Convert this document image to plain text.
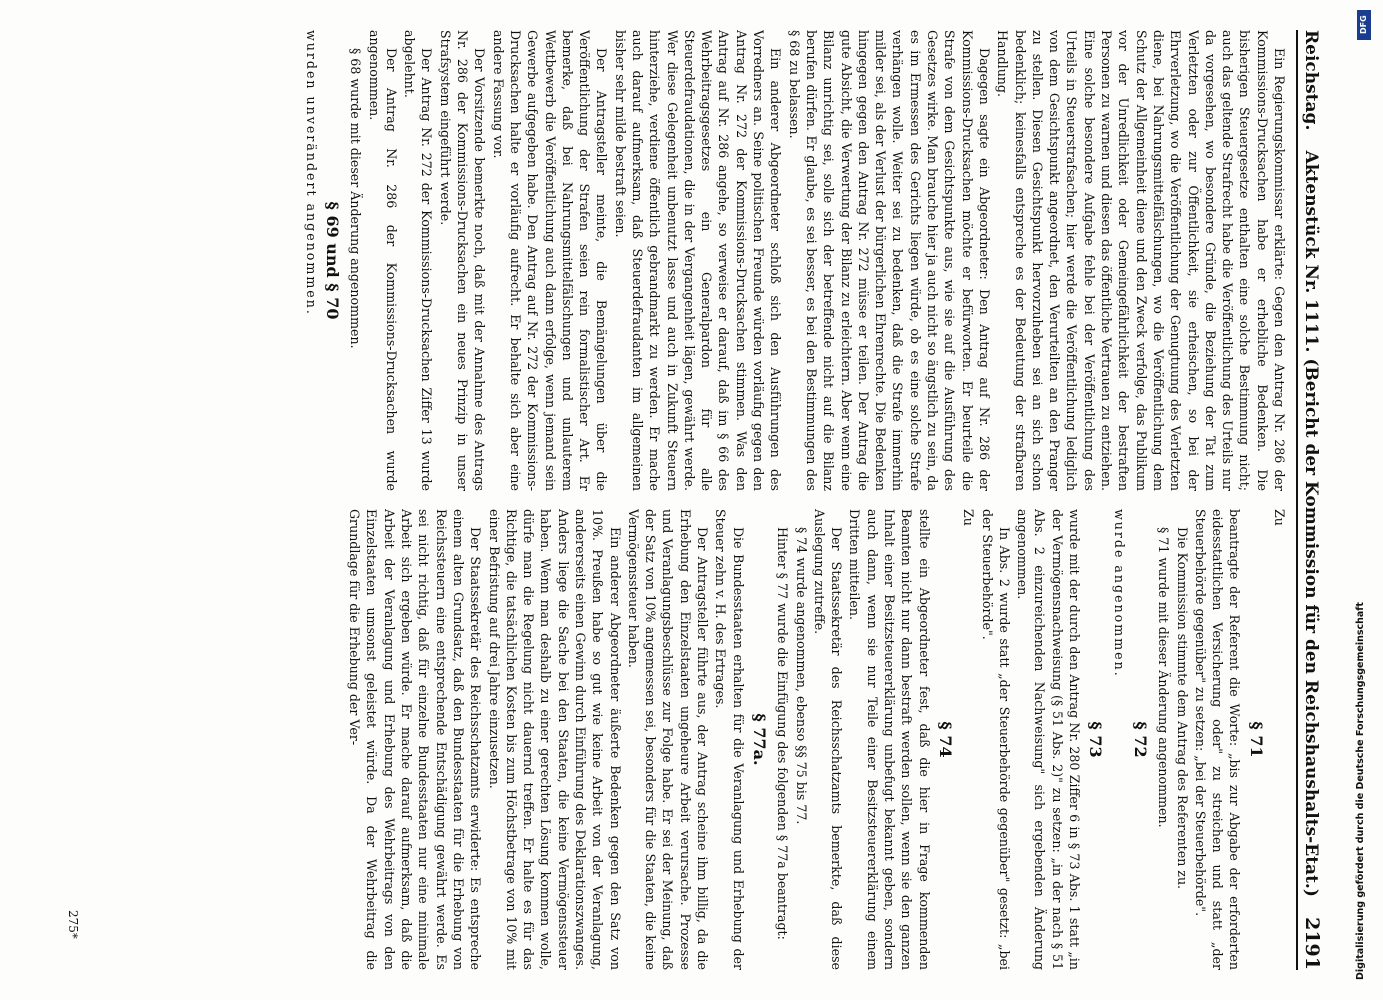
Reichstag.
Aktenstück Nr. 1111. (Bericht der Kommission für den Reichshaushalts-Etat.)
2191

Ein Regierungskommissar erklärte: Gegen den Antrag Nr. 286 der Kommissions-Drucksachen habe er erhebliche Bedenken. Die bisherigen Steuergesetze enthalten eine solche Bestimmung nicht; auch das geltende Strafrecht habe die Veröffentlichung des Urteils nur da vorgesehen, wo besondere Gründe, die Beziehung der Tat zum Verletzten oder zur Öffentlichkeit, sie erheischen, so bei der Ehrverletzung, wo die Veröffentlichung der Genugtuung des Verletzten diene, bei Nahrungsmittelfälschungen, wo die Veröffentlichung dem Schutz der Allgemeinheit diene und den Zweck verfolge, das Publikum vor der Unredlichkeit oder Gemeingefährlichkeit der bestraften Personen zu warnen und diesen das öffentliche Vertrauen zu entziehen. Eine solche besondere Aufgabe fehle bei der Veröffentlichung des Urteils in Steuerstrafsachen; hier werde die Veröffentlichung lediglich von dem Gesichtspunkt angeordnet, den Verurteilten an den Pranger zu stellen. Diesen Gesichtspunkt hervorzuheben sei an sich schon bedenklich; keinesfalls entspreche es der Bedeutung der strafbaren Handlung.

Dagegen sagte ein Abgeordneter: Den Antrag auf Nr. 286 der Kommissions-Drucksachen möchte er befürworten. Er beurteile die Strafe von dem Gesichtspunkte aus, wie sie auf die Ausführung des Gesetzes wirke. Man brauche hier ja auch nicht so ängstlich zu sein, da es im Ermessen des Gerichts liegen würde, ob es eine solche Strafe verhängen wolle. Weiter sei zu bedenken, daß die Strafe immerhin milder sei, als der Verlust der bürgerlichen Ehrenrechte. Die Bedenken hingegen gegen den Antrag Nr. 272 müsse er teilen. Der Antrag die gute Absicht, die Verwertung der Bilanz zu erleichtern. Aber wenn eine Bilanz unrichtig sei, solle sich der betreffende nicht auf die Bilanz berufen dürfen. Er glaube, es sei besser, es bei den Bestimmungen des § 68 zu belassen.

Ein anderer Abgeordneter schloß sich den Ausführungen des Vorredners an. Seine politischen Freunde würden vorläufig gegen den Antrag Nr. 272 der Kommissions-Drucksachen stimmen. Was den Antrag auf Nr. 286 angehe, so verweise er darauf, daß im § 66 des Wehrbeitragsgesetzes ein Generalpardon für alle Steuerdefraudationen, die in der Vergangenheit lägen, gewährt werde. Wer diese Gelegenheit unbenutzt lasse und auch in Zukunft Steuern hinterziehe, verdiene öffentlich gebrandmarkt zu werden. Er mache auch darauf aufmerksam, daß Steuerdefraudanten im allgemeinen bisher sehr milde bestraft seien.

Der Antragsteller meinte, die Bemängelungen über die Veröffentlichung der Strafen seien rein formalistischer Art. Er bemerke, daß bei Nahrungsmittelfälschungen und unlauterem Wettbewerb die Veröffentlichung auch dann erfolge, wenn jemand sein Gewerbe aufgegeben habe. Den Antrag auf Nr. 272 der Kommissions-Drucksachen halte er vorläufig aufrecht. Er behalte sich aber eine andere Fassung vor.

Der Vorsitzende bemerkte noch, daß mit der Annahme des Antrags Nr. 286 der Kommissions-Drucksachen ein neues Prinzip in unser Strafsystem eingeführt werde.

Der Antrag Nr. 272 der Kommissions-Drucksachen Ziffer 13 wurde abgelehnt.

Der Antrag Nr. 286 der Kommissions-Drucksachen wurde angenommen.

§ 68 wurde mit dieser Änderung angenommen.

§ 69 und § 70

wurden unverändert angenommen.

Zu

§ 71

beantragte der Referent die Worte: „bis zur Abgabe der erforderten eidesstattlichen Versicherung oder" zu streichen und statt „der Steuerbehörde gegenüber" zu setzen: „bei der Steuerbehörde".

Die Kommission stimmte dem Antrag des Referenten zu.

§ 71 wurde mit dieser Änderung angenommen.

§ 72

wurde angenommen.

§ 73

wurde mit der durch den Antrag Nr. 280 Ziffer 6 in § 73 Abs. 1 statt „in der Vermögensnachweisung (§ 51 Abs. 2)" zu setzen: „in der nach § 51 Abs. 2 einzureichenden Nachweisung" sich ergebenden Änderung angenommen.

In Abs. 2 wurde statt „der Steuerbehörde gegenüber" gesetzt: „bei der Steuerbehörde".

Zu

§ 74

stellte ein Abgeordneter fest, daß die hier in Frage kommenden Beamten nicht nur dann bestraft werden sollen, wenn sie den ganzen Inhalt einer Besitzsteuererklärung unbefugt bekannt geben, sondern auch dann, wenn sie nur Teile einer Besitzsteuererklärung einem Dritten mitteilen.

Der Staatssekretär des Reichsschatzamts bemerkte, daß diese Auslegung zutreffe.

§ 74 wurde angenommen, ebenso §§ 75 bis 77.

Hinter § 77 wurde die Einfügung des folgenden § 77a beantragt:

§ 77a.

Die Bundesstaaten erhalten für die Veranlagung und Erhebung der Steuer zehn v. H. des Ertrages.

Der Antragsteller führte aus, der Antrag scheine ihm billig, da die Erhebung den Einzelstaaten ungeheure Arbeit verursache. Prozesse und Veranlagungsbeschlüsse zur Folge habe. Er sei der Meinung, daß der Satz von 10% angemessen sei, besonders für die Staaten, die keine Vermögenssteuer haben.

Ein anderer Abgeordneter äußerte Bedenken gegen den Satz von 10%. Preußen habe so gut wie keine Arbeit von der Veranlagung, andererseits einen Gewinn durch Einführung des Deklarationszwanges. Anders liege die Sache bei den Staaten, die keine Vermögenssteuer haben. Wenn man deshalb zu einer gerechten Lösung kommen wolle, dürfe man die Regelung nicht dauernd treffen. Er halte es für das Richtige, die tatsächlichen Kosten bis zum Höchstbetrage von 10% mit einer Befristung auf drei Jahre einzusetzen.

Der Staatssekretär des Reichsschatzamts erwiderte: Es entspreche einem alten Grundsatz, daß den Bundesstaaten für die Erhebung von Reichssteuern eine entsprechende Entschädigung gewährt werde. Es sei nicht richtig, daß für einzelne Bundesstaaten nur eine minimale Arbeit sich ergeben würde. Er mache darauf aufmerksam, daß die Arbeit der Veranlagung und Erhebung des Wehrbeitrags von den Einzelstaaten umsonst geleistet würde. Da der Wehrbeitrag die Grundlage für die Erhebung der Ver-

275*
DFG
Digitalisierung gefördert durch die Deutsche Forschungsgemeinschaft
